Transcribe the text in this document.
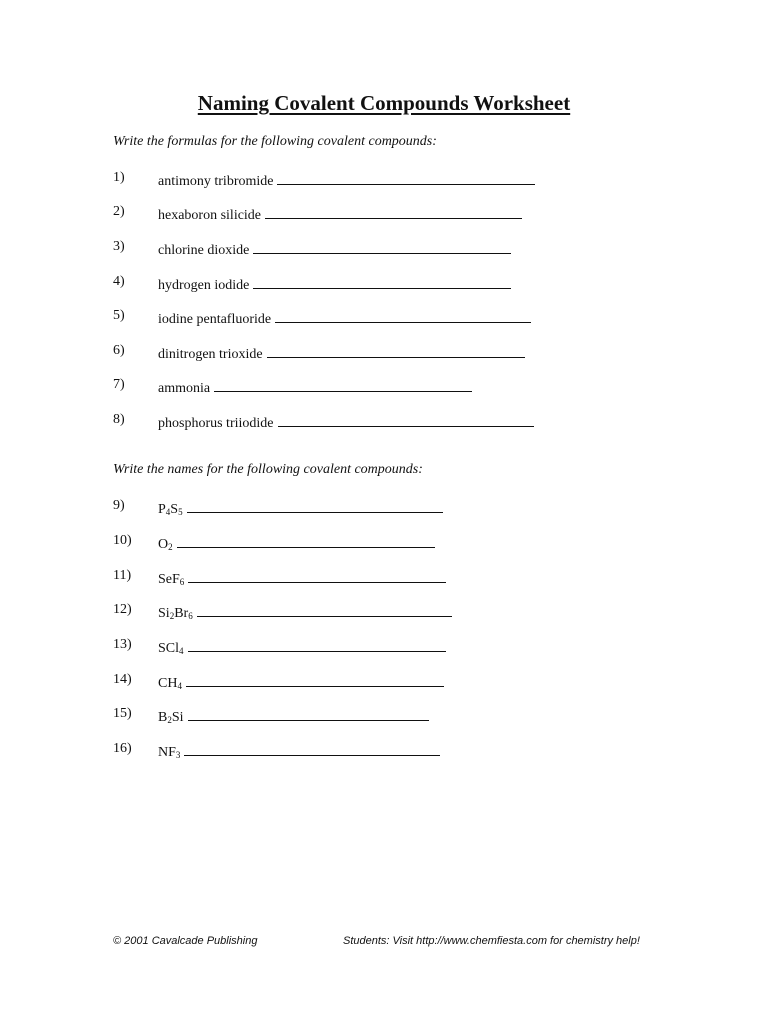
Naming Covalent Compounds Worksheet
Write the formulas for the following covalent compounds:
1) antimony tribromide
2) hexaboron silicide
3) chlorine dioxide
4) hydrogen iodide
5) iodine pentafluoride
6) dinitrogen trioxide
7) ammonia
8) phosphorus triiodide
Write the names for the following covalent compounds:
9) $P_4S_5$
10) $O_2$
11) SeF$_6$
12) $Si_2Br_6$
13) SCl$_4$
14) $CH_4$
15) $B_2Si$
16) $NF_3$
© 2001 Cavalcade Publishing	Students: Visit http://www.chemfiesta.com for chemistry help!
